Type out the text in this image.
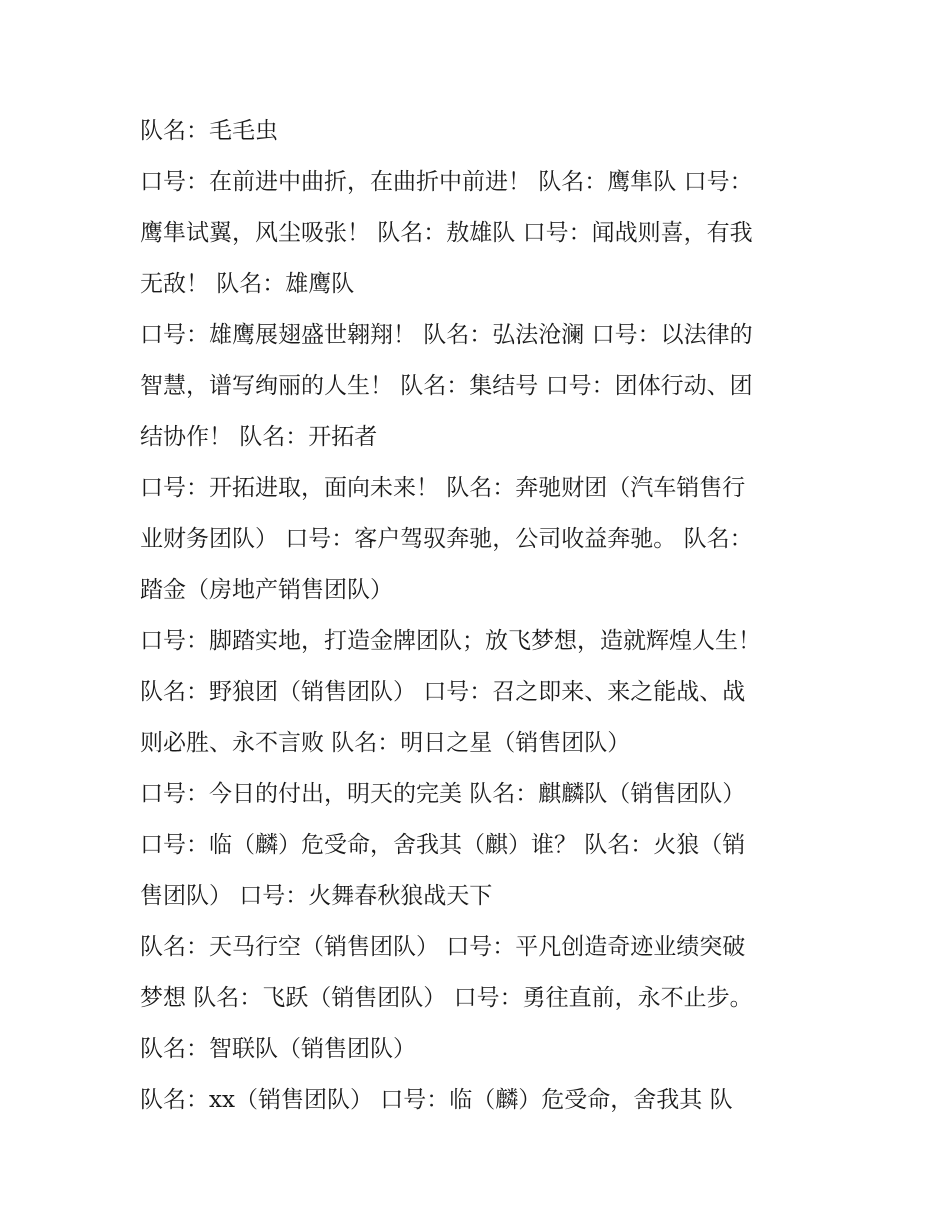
队名：毛毛虫
口号：在前进中曲折，在曲折中前进！ 队名：鹰隼队 口号：
鹰隼试翼，风尘吸张！ 队名：敖雄队 口号：闻战则喜，有我
无敌！ 队名：雄鹰队
口号：雄鹰展翅盛世翱翔！ 队名：弘法沧澜 口号：以法律的
智慧，谱写绚丽的人生！ 队名：集结号 口号：团体行动、团
结协作！ 队名：开拓者
口号：开拓进取，面向未来！ 队名：奔驰财团（汽车销售行
业财务团队） 口号：客户驾驭奔驰，公司收益奔驰。 队名：
踏金（房地产销售团队）
口号：脚踏实地，打造金牌团队；放飞梦想，造就辉煌人生！
队名：野狼团（销售团队） 口号：召之即来、来之能战、战
则必胜、永不言败 队名：明日之星（销售团队）
口号：今日的付出，明天的完美 队名：麒麟队（销售团队）
口号：临（麟）危受命，舍我其（麒）谁？ 队名：火狼（销
售团队） 口号：火舞春秋狼战天下
队名：天马行空（销售团队） 口号：平凡创造奇迹业绩突破
梦想 队名：飞跃（销售团队） 口号：勇往直前，永不止步。
队名：智联队（销售团队）
队名：xx（销售团队） 口号：临（麟）危受命，舍我其 队
